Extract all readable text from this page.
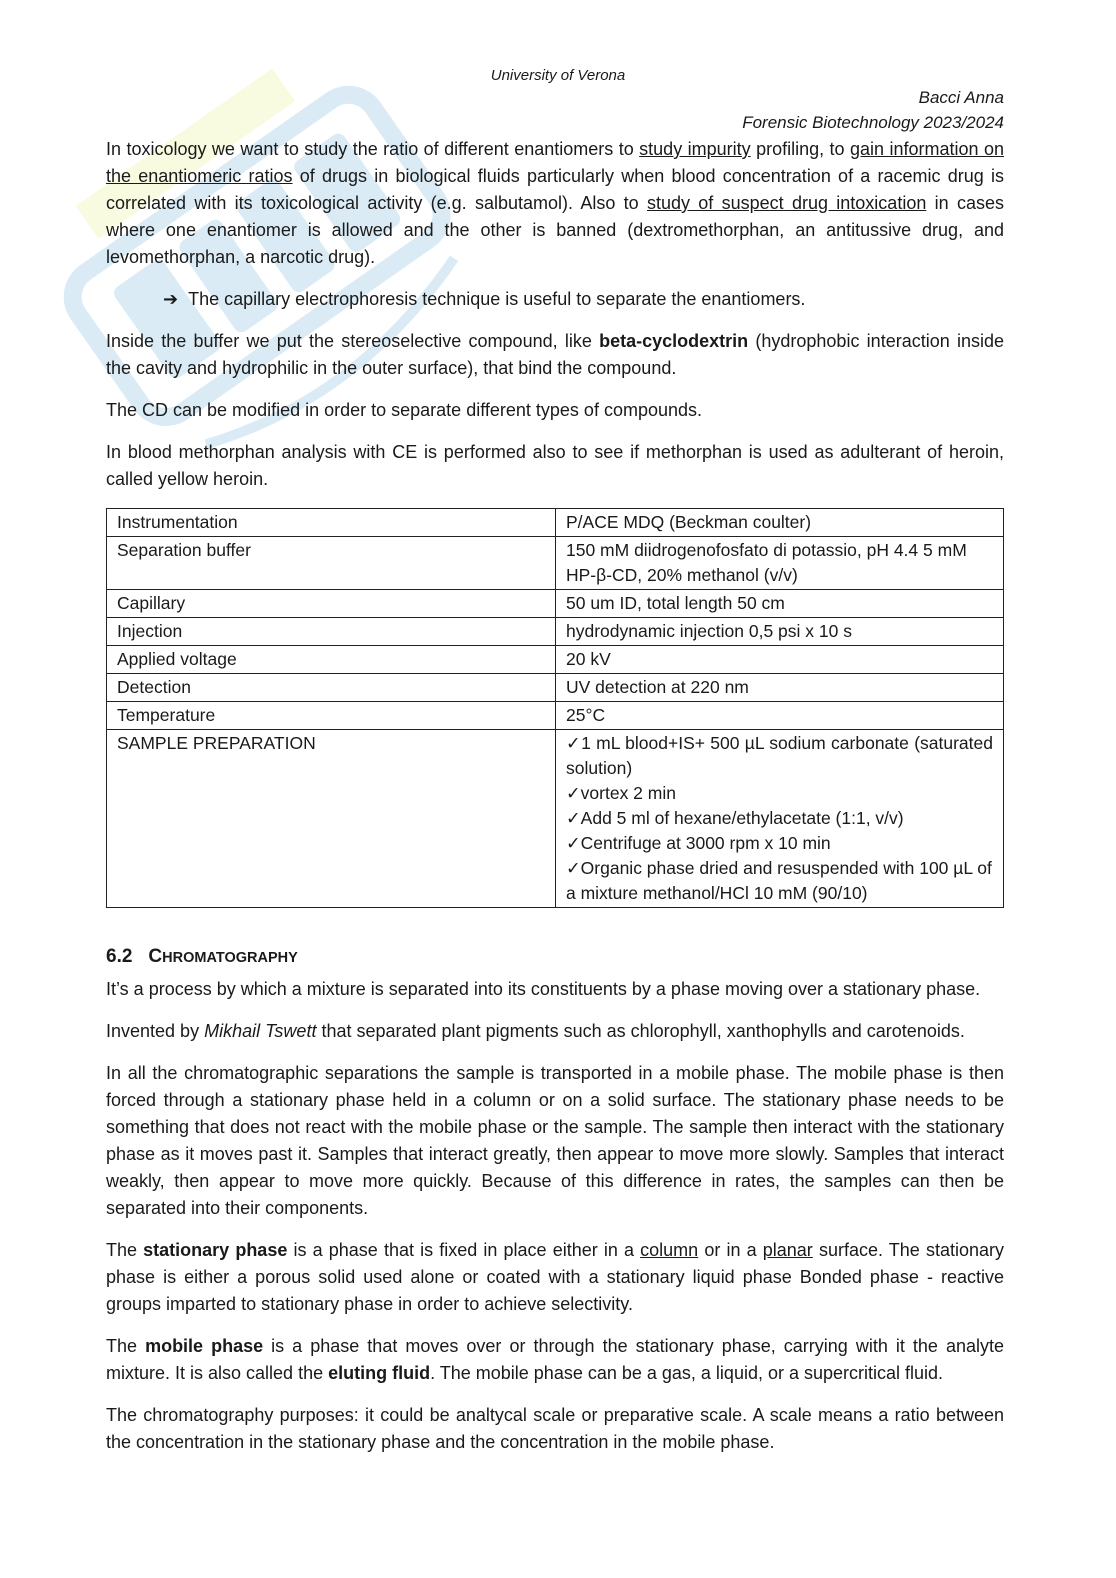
University of Verona
Bacci Anna
Forensic Biotechnology 2023/2024

In toxicology we want to study the ratio of different enantiomers to study impurity profiling, to gain information on the enantiomeric ratios of drugs in biological fluids particularly when blood concentration of a racemic drug is correlated with its toxicological activity (e.g. salbutamol). Also to study of suspect drug intoxication in cases where one enantiomer is allowed and the other is banned (dextromethorphan, an antitussive drug, and levomethorphan, a narcotic drug).

➔ The capillary electrophoresis technique is useful to separate the enantiomers.

Inside the buffer we put the stereoselective compound, like beta-cyclodextrin (hydrophobic interaction inside the cavity and hydrophilic in the outer surface), that bind the compound.

The CD can be modified in order to separate different types of compounds.

In blood methorphan analysis with CE is performed also to see if methorphan is used as adulterant of heroin, called yellow heroin.

Instrumentation	P/ACE MDQ (Beckman coulter)
Separation buffer	150 mM diidrogenofosfato di potassio, pH 4.4 5 mM HP-β-CD, 20% methanol (v/v)
Capillary	50 um ID, total length 50 cm
Injection	hydrodynamic injection 0,5 psi x 10 s
Applied voltage	20 kV
Detection	UV detection at 220 nm
Temperature	25°C
SAMPLE PREPARATION	✓1 mL blood+IS+ 500 µL sodium carbonate (saturated solution)
✓vortex 2 min
✓Add 5 ml of hexane/ethylacetate (1:1, v/v)
✓Centrifuge at 3000 rpm x 10 min
✓Organic phase dried and resuspended with 100 µL of a mixture methanol/HCl 10 mM (90/10)
6.2 CHROMATOGRAPHY

It’s a process by which a mixture is separated into its constituents by a phase moving over a stationary phase.

Invented by Mikhail Tswett that separated plant pigments such as chlorophyll, xanthophylls and carotenoids.

In all the chromatographic separations the sample is transported in a mobile phase. The mobile phase is then forced through a stationary phase held in a column or on a solid surface. The stationary phase needs to be something that does not react with the mobile phase or the sample. The sample then interact with the stationary phase as it moves past it. Samples that interact greatly, then appear to move more slowly. Samples that interact weakly, then appear to move more quickly. Because of this difference in rates, the samples can then be separated into their components.

The stationary phase is a phase that is fixed in place either in a column or in a planar surface. The stationary phase is either a porous solid used alone or coated with a stationary liquid phase Bonded phase - reactive groups imparted to stationary phase in order to achieve selectivity.

The mobile phase is a phase that moves over or through the stationary phase, carrying with it the analyte mixture. It is also called the eluting fluid. The mobile phase can be a gas, a liquid, or a supercritical fluid.

The chromatography purposes: it could be analtycal scale or preparative scale. A scale means a ratio between the concentration in the stationary phase and the concentration in the mobile phase.
